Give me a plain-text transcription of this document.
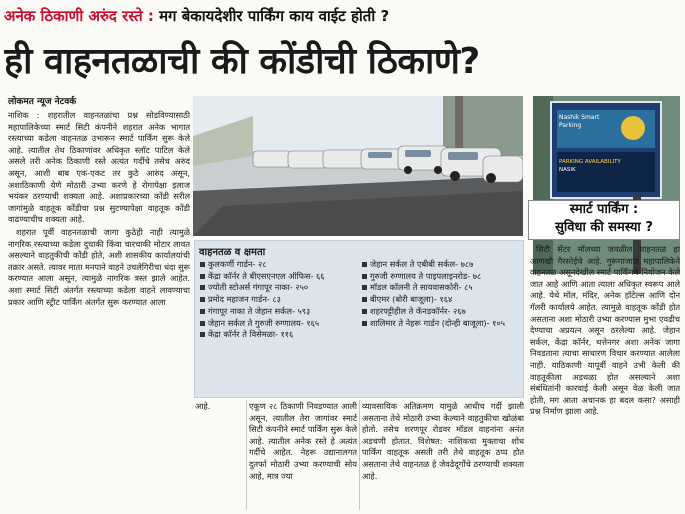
अनेक ठिकाणी अरुंद रस्ते : मग बेकायदेशीर पार्किंग काय वाईट होती ?
ही वाहनतळाची की कोंडीची ठिकाणे?
लोकमत न्यूज नेटवर्क

नाशिक : शहरातील वाहनतळांचा प्रश्न सोडविण्यासाठी महापालिकेच्या स्मार्ट सिटी कंपनीने शहरात अनेक भागात रस्त्याच्या कडेला वाहनतळ उभारून स्मार्ट पार्किंग सुरू केले आहे. त्यातील तेथ ठिकाणांवर अधिकृत स्लॉट पाटिल केले असले तरी अनेक ठिकाणी रस्ते अत्यंत गर्दीचे तसेच अरुंद असून, आशी बाब एक-एकट तर कुठे आरुंद असून, अशाठिकाणी येणे मोठारी उभ्या करणे हे रोगापेक्षा इलाज भयंकर ठरण्याची शक्यता आहे. अशाप्रकारच्या कोंडी सरील जागांमुळे वाहतूक कोंडीचा प्रश्न सुटण्यापेक्षा वाहतूक कोंडी वाढण्याचीच शक्यता आहे.

शहरात पूर्वी वाहनतळाची जागा कुठेही नाही त्यामुळे नागरिक रस्त्याच्या कडेला दुचाकी किंवा चारचाकी मोटार लावत असल्याने वाहतुकीची कोंडी होते, अशी शासकीय कार्यालयांची तक्रार असते. त्यावर माता मनपाने वाहने उचलेगिरीचा धंदा सुरू करण्यात आला असून, त्यामुळे नागरिक त्रस्त झाले आहेत. अशा स्मार्ट सिटी अंतर्गत रस्त्याच्या कडेला वाहने लावण्याचा प्रकार आणि स्ट्रीट पार्किंग अंतर्गत सुरू करण्यात आला

Nashik Smart
Parking
PARKING AVAILABILITY
NASIK
स्मार्ट पार्किंग :
सुविधा की समस्या ?
वाहनतळ व क्षमता
कुलकर्णी गार्डन- २८
केंद्रा कॉर्नर ते बीएसएनएल ऑफिस- ६६
ज्योती स्टोअर्स गंगापूर नाका- २५०
प्रमोद महाजन गार्डन- ८३
गंगापूर नाका ते जेहान सर्कल- ५९३
जेहान सर्कल ते गुरुजी रुग्णालय- १६५
केंद्रा कॉर्नर ते विसेमळा- ११६
जेहान सर्कल ते एबीबी सर्कल- ७८७
गुरुजी रुग्णालय ते पाइपलाइनरोड- ७८
मॉडल कॉलनी ते सायवासकोरी- ८५
बीएमर (बोरी बाजूला)- १६४
शहरपट्टीहील ते कॅनडकॉर्नर- २६७
शालिमार ते नेहरू गार्डन (दोन्ही बाजूला)- १०५
आहे.	एकूण २८ ठिकाणी निवडण्यात आली असून, त्यातील तेरा जागांवर स्मार्ट सिटी कंपनीने स्मार्ट पार्किंग सुरू केले आहे. त्यातील अनेक रस्ते हे अत्यंत गर्दीचे आहेत. नेहरू उद्यानालगत दुतर्फा मोठारी उभ्या करण्याची सोय आहे, मात्र ज्या
व्यावसायिक अतिक्रमण यामुळे आधीच गर्दी झाली असताना तेथे मोठारी उभ्या केल्याने वाहतुकीचा खोळंबा होतो. तसेच शरणपूर रोडवर मॉडल वाहनांना अनंत अडचणी होतात. विशेषत: नाशिकचा मुक्ताचा शोध पार्किंग वाहतूक असती तरी तेथे वाहतूक ठप्प होत असताना तेथे वाहनतळ हे जेवढेदूर्गोचे ठरण्याची शक्यता आहे.
सिटी सेंटर मॉलच्या जवळील वाहनतळ हा आणखी गैरसोईचे आहे. गुरूंगाजाळ महापालिकेने वाहनतळ असूनदेखील स्मार्ट पार्किंगचे नियोजन केले जात आहे आणि आता त्याला अधिकृत स्वरूप आले आहे. येथे मॉल, मंदिर, अनेक हॉटेल्स आणि दोन गॅलरी कार्यालये आहेत. त्यामुळे वाहतूक कोंडी होत असताना अशा मोठारी उभ्या करण्यास मुभा एवढीच देण्याचा अप्रयत्न असून ठरलेल्या आहे. जेहान सर्कल, केंद्रा कॉर्नर, थत्तेनगर अशा अनेक जागा निवडताना त्याचा साधारण विचार करण्यात आलेला नाही. याठिकाणी यापूर्वी वाहने उभी केली की वाहतूकीला अडथळा होत असल्याने अशा संबंधितांनी कारवाई केली असून वेळ केली जात होती, मग आता अचानक हा बदल कसा? असाही प्रश्न निर्माण झाला आहे.
